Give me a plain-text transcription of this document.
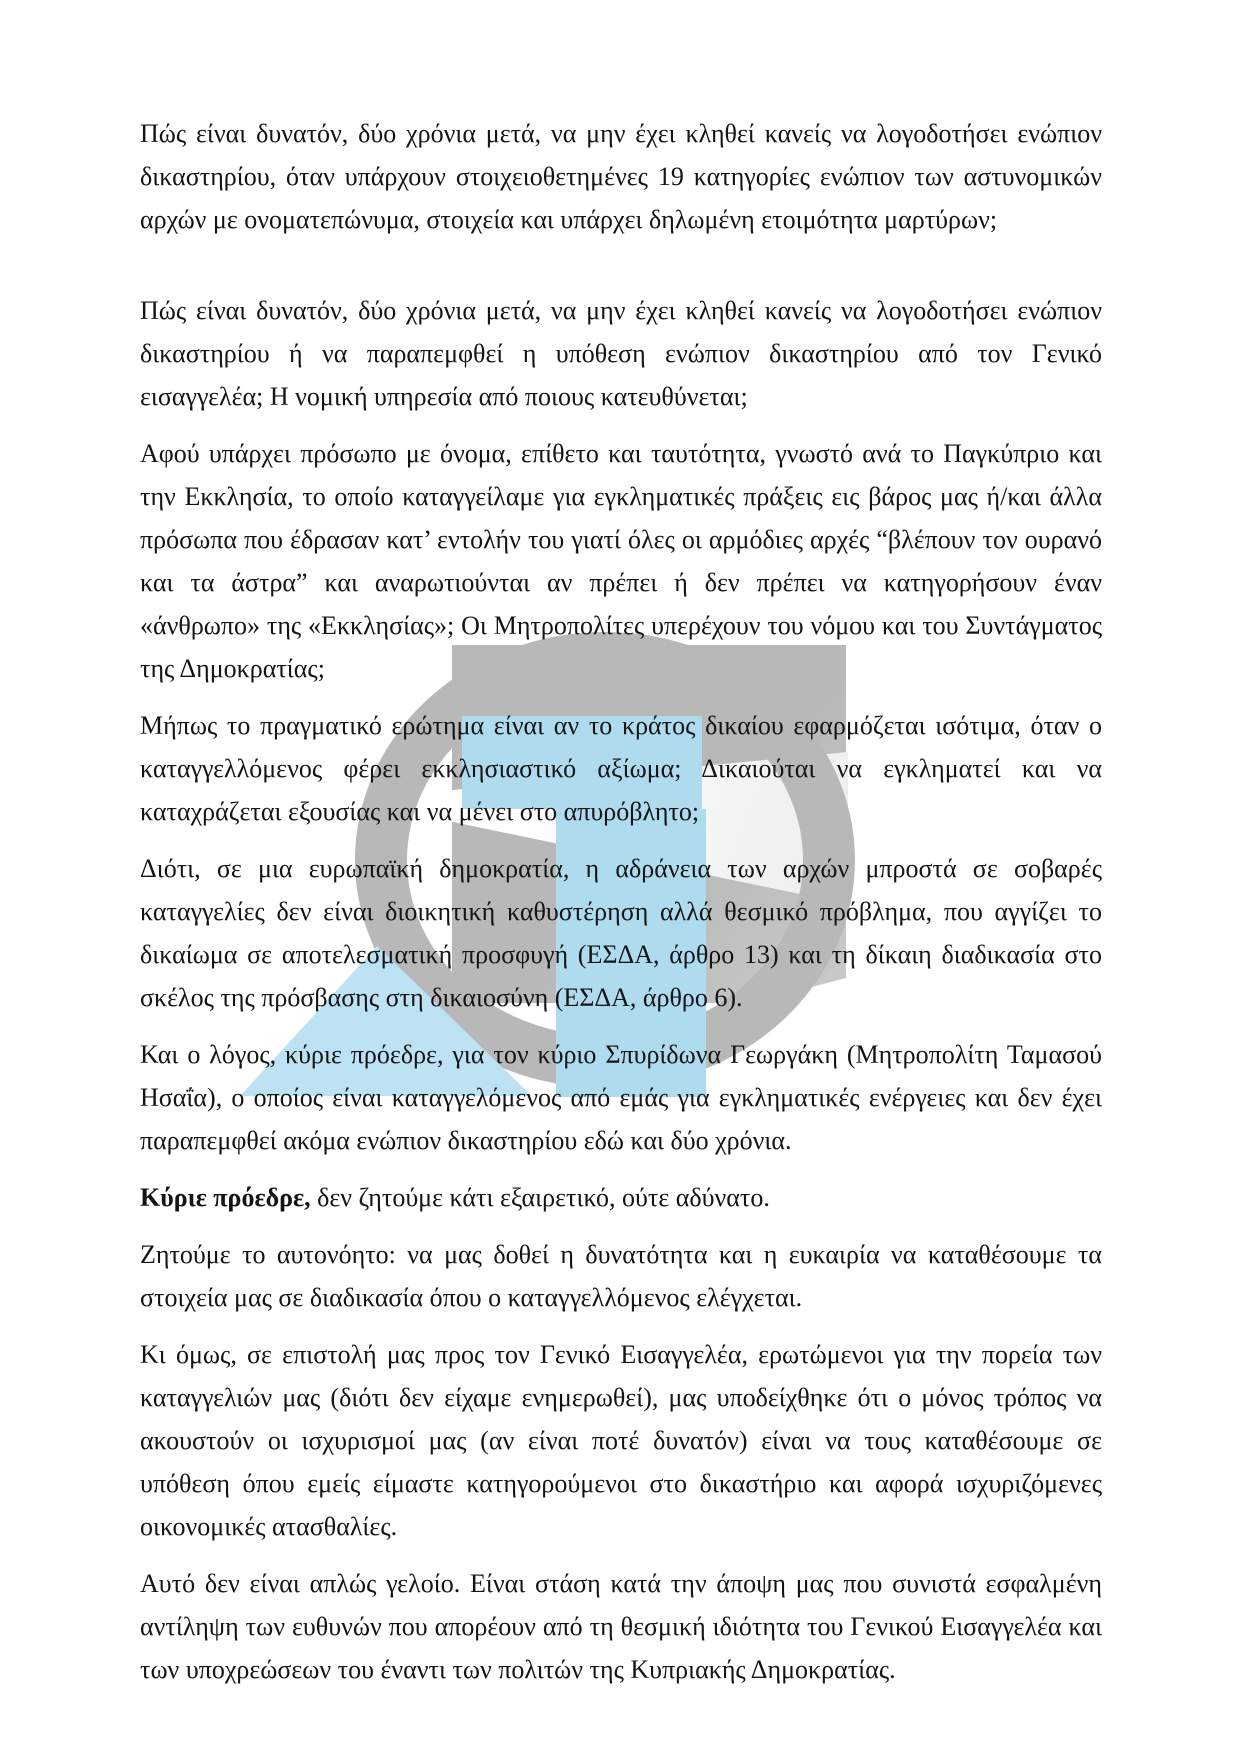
Πώς είναι δυνατόν, δύο χρόνια μετά, να μην έχει κληθεί κανείς να λογοδοτήσει ενώπιον δικαστηρίου, όταν υπάρχουν στοιχειοθετημένες 19 κατηγορίες ενώπιον των αστυνομικών αρχών με ονοματεπώνυμα, στοιχεία και υπάρχει δηλωμένη ετοιμότητα μαρτύρων;

Πώς είναι δυνατόν, δύο χρόνια μετά, να μην έχει κληθεί κανείς να λογοδοτήσει ενώπιον δικαστηρίου ή να παραπεμφθεί η υπόθεση ενώπιον δικαστηρίου από τον Γενικό εισαγγελέα; Η νομική υπηρεσία από ποιους κατευθύνεται;

Αφού υπάρχει πρόσωπο με όνομα, επίθετο και ταυτότητα, γνωστό ανά το Παγκύπριο και την Εκκλησία, το οποίο καταγγείλαμε για εγκληματικές πράξεις εις βάρος μας ή/και άλλα πρόσωπα που έδρασαν κατ’ εντολήν του γιατί όλες οι αρμόδιες αρχές “βλέπουν τον ουρανό και τα άστρα” και αναρωτιούνται αν πρέπει ή δεν πρέπει να κατηγορήσουν έναν «άνθρωπο» της «Εκκλησίας»; Οι Μητροπολίτες υπερέχουν του νόμου και του Συντάγματος της Δημοκρατίας;

Μήπως το πραγματικό ερώτημα είναι αν το κράτος δικαίου εφαρμόζεται ισότιμα, όταν ο καταγγελλόμενος φέρει εκκλησιαστικό αξίωμα; Δικαιούται να εγκληματεί και να καταχράζεται εξουσίας και να μένει στο απυρόβλητο;

Διότι, σε μια ευρωπαϊκή δημοκρατία, η αδράνεια των αρχών μπροστά σε σοβαρές καταγγελίες δεν είναι διοικητική καθυστέρηση αλλά θεσμικό πρόβλημα, που αγγίζει το δικαίωμα σε αποτελεσματική προσφυγή (ΕΣΔΑ, άρθρο 13) και τη δίκαιη διαδικασία στο σκέλος της πρόσβασης στη δικαιοσύνη (ΕΣΔΑ, άρθρο 6).

Και ο λόγος, κύριε πρόεδρε, για τον κύριο Σπυρίδωνα Γεωργάκη (Μητροπολίτη Ταμασού Ησαΐα), ο οποίος είναι καταγγελόμενος από εμάς για εγκληματικές ενέργειες και δεν έχει παραπεμφθεί ακόμα ενώπιον δικαστηρίου εδώ και δύο χρόνια.

Κύριε πρόεδρε, δεν ζητούμε κάτι εξαιρετικό, ούτε αδύνατο.

Ζητούμε το αυτονόητο: να μας δοθεί η δυνατότητα και η ευκαιρία να καταθέσουμε τα στοιχεία μας σε διαδικασία όπου ο καταγγελλόμενος ελέγχεται.

Κι όμως, σε επιστολή μας προς τον Γενικό Εισαγγελέα, ερωτώμενοι για την πορεία των καταγγελιών μας (διότι δεν είχαμε ενημερωθεί), μας υποδείχθηκε ότι ο μόνος τρόπος να ακουστούν οι ισχυρισμοί μας (αν είναι ποτέ δυνατόν) είναι να τους καταθέσουμε σε υπόθεση όπου εμείς είμαστε κατηγορούμενοι στο δικαστήριο και αφορά ισχυριζόμενες οικονομικές ατασθαλίες.

Αυτό δεν είναι απλώς γελοίο. Είναι στάση κατά την άποψη μας που συνιστά εσφαλμένη αντίληψη των ευθυνών που απορέουν από τη θεσμική ιδιότητα του Γενικού Εισαγγελέα και των υποχρεώσεων του έναντι των πολιτών της Κυπριακής Δημοκρατίας.
